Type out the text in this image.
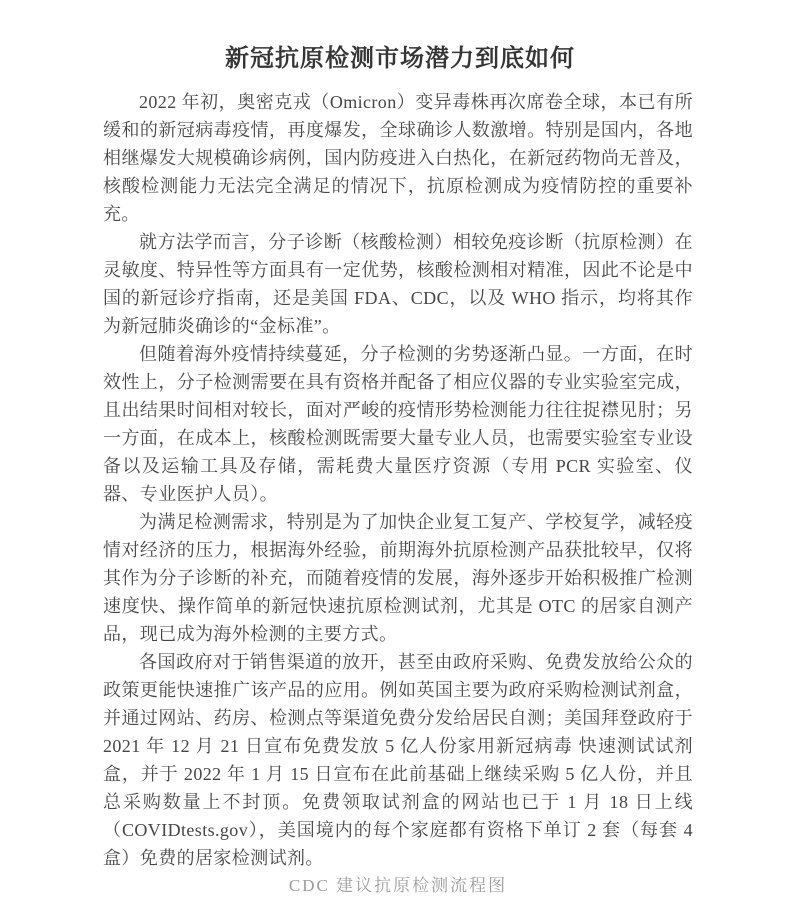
新冠抗原检测市场潜力到底如何

2022 年初，奥密克戎（Omicron）变异毒株再次席卷全球，本已有所缓和的新冠病毒疫情，再度爆发，全球确诊人数激增。特别是国内，各地相继爆发大规模确诊病例，国内防疫进入白热化，在新冠药物尚无普及，核酸检测能力无法完全满足的情况下，抗原检测成为疫情防控的重要补充。

就方法学而言，分子诊断（核酸检测）相较免疫诊断（抗原检测）在灵敏度、特异性等方面具有一定优势，核酸检测相对精准，因此不论是中国的新冠诊疗指南，还是美国 FDA、CDC，以及 WHO 指示，均将其作为新冠肺炎确诊的“金标准”。

但随着海外疫情持续蔓延，分子检测的劣势逐渐凸显。一方面，在时效性上，分子检测需要在具有资格并配备了相应仪器的专业实验室完成，且出结果时间相对较长，面对严峻的疫情形势检测能力往往捉襟见肘；另一方面，在成本上，核酸检测既需要大量专业人员，也需要实验室专业设备以及运输工具及存储，需耗费大量医疗资源（专用 PCR 实验室、仪器、专业医护人员）。

为满足检测需求，特别是为了加快企业复工复产、学校复学，减轻疫情对经济的压力，根据海外经验，前期海外抗原检测产品获批较早，仅将其作为分子诊断的补充，而随着疫情的发展，海外逐步开始积极推广检测速度快、操作简单的新冠快速抗原检测试剂，尤其是 OTC 的居家自测产品，现已成为海外检测的主要方式。

各国政府对于销售渠道的放开，甚至由政府采购、免费发放给公众的政策更能快速推广该产品的应用。例如英国主要为政府采购检测试剂盒，并通过网站、药房、检测点等渠道免费分发给居民自测；美国拜登政府于 2021 年 12 月 21 日宣布免费发放 5 亿人份家用新冠病毒 快速测试试剂盒，并于 2022 年 1 月 15 日宣布在此前基础上继续采购 5 亿人份，并且总采购数量上不封顶。免费领取试剂盒的网站也已于 1 月 18 日上线（COVIDtests.gov），美国境内的每个家庭都有资格下单订 2 套（每套 4 盒）免费的居家检测试剂。

CDC 建议抗原检测流程图
